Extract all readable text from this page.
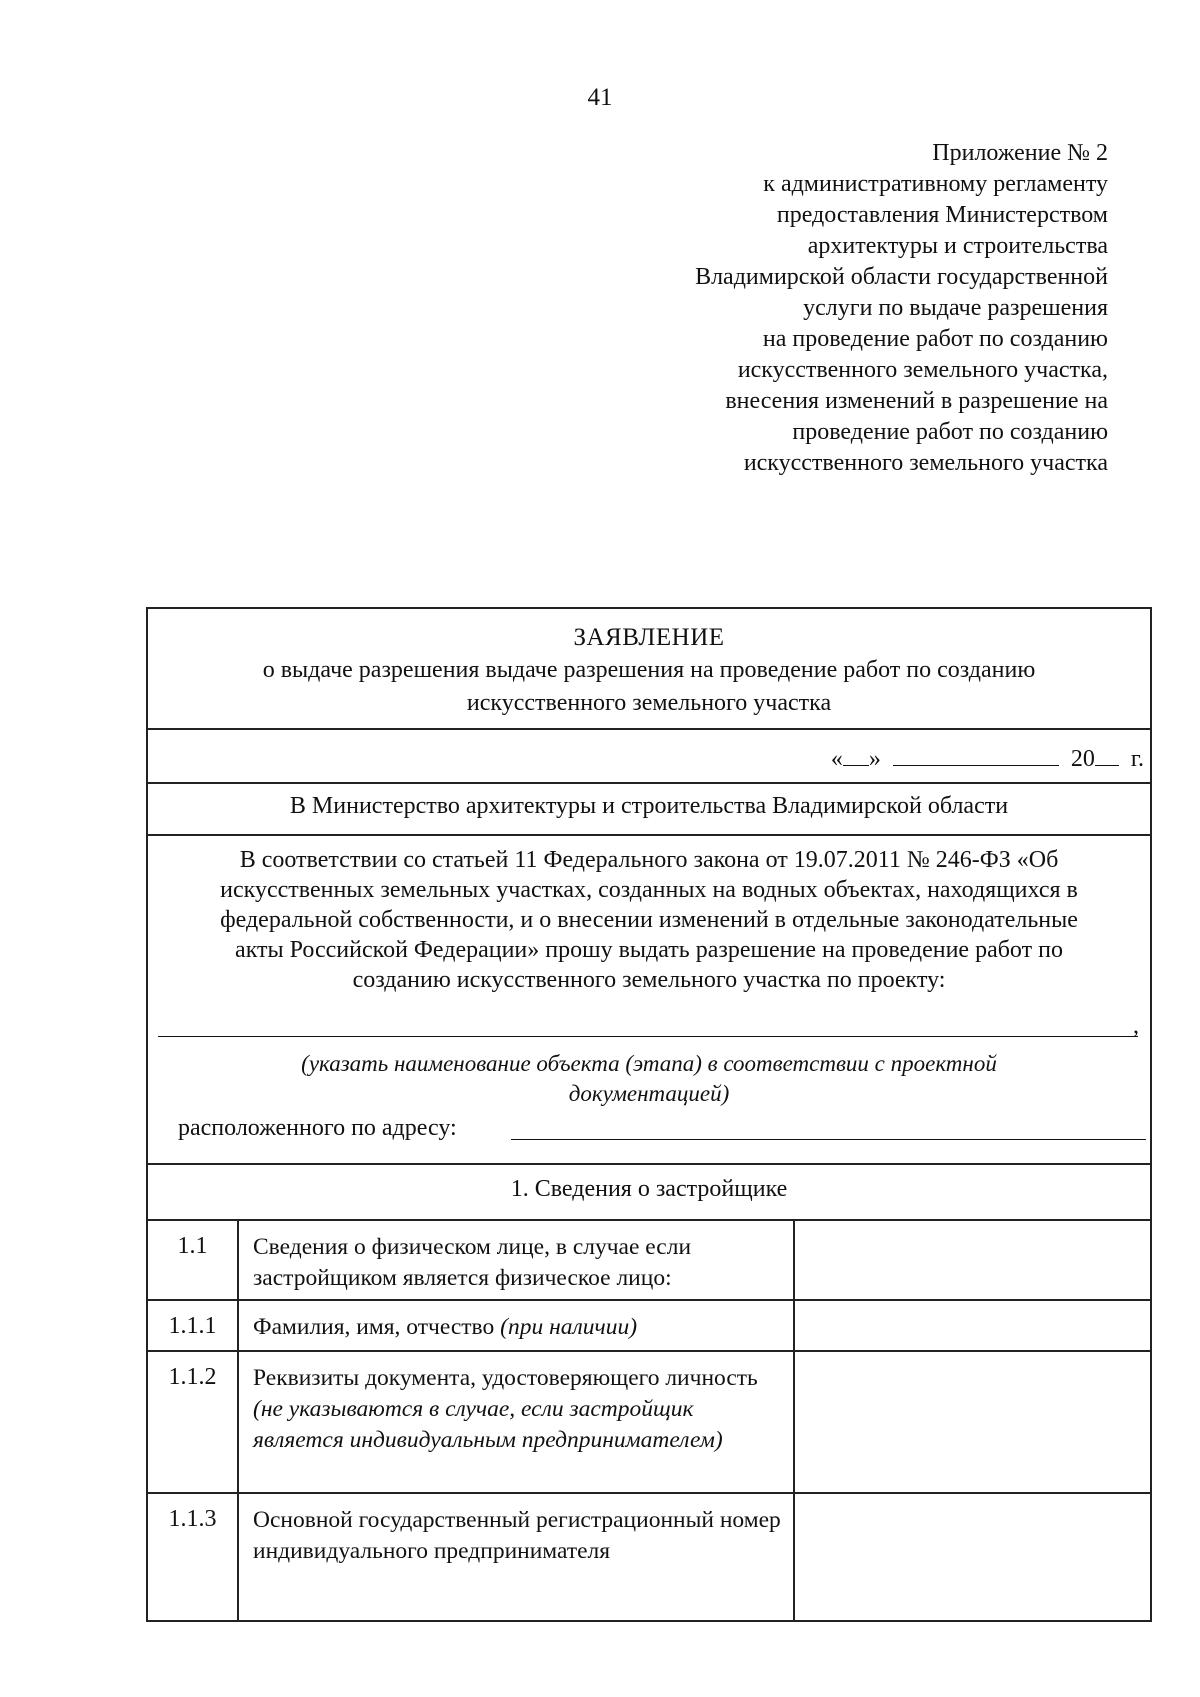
41
Приложение № 2
к административному регламенту
предоставления Министерством
архитектуры и строительства
Владимирской области государственной
услуги по выдаче разрешения
на проведение работ по созданию
искусственного земельного участка,
внесения изменений в разрешение на
проведение работ по созданию
искусственного земельного участка
ЗАЯВЛЕНИЕ
о выдаче разрешения выдаче разрешения на проведение работ по созданию
искусственного земельного участка
« »	20 г.
В Министерство архитектуры и строительства Владимирской области
В соответствии со статьей 11 Федерального закона от 19.07.2011 № 246-ФЗ «Об
искусственных земельных участках, созданных на водных объектах, находящихся в
федеральной собственности, и о внесении изменений в отдельные законодательные
акты Российской Федерации» прошу выдать разрешение на проведение работ по
созданию искусственного земельного участка по проекту:
,
(указать наименование объекта (этапа) в соответствии с проектной
документацией)
расположенного по адресу:
1. Сведения о застройщике
1.1	Сведения о физическом лице, в случае если застройщиком является физическое лицо:
1.1.1	Фамилия, имя, отчество (при наличии)
1.1.2	Реквизиты документа, удостоверяющего личность (не указываются в случае, если застройщик является индивидуальным предпринимателем)
1.1.3	Основной государственный регистрационный номер индивидуального предпринимателя
